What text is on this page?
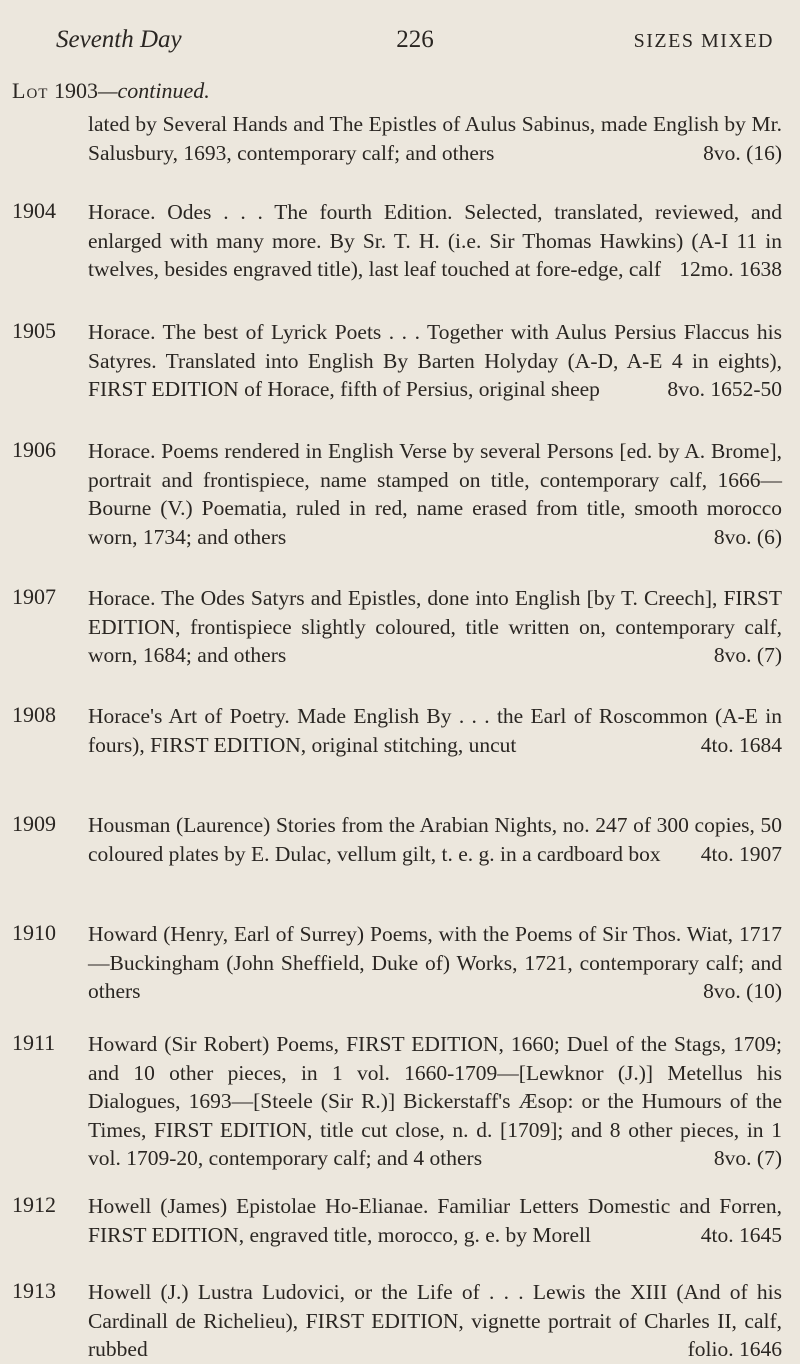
Seventh Day	226	SIZES MIXED
Lot 1903—continued.
lated by Several Hands and The Epistles of Aulus Sabinus, made English by Mr. Salusbury, 1693, contemporary calf; and others	8vo. (16)
1904 Horace. Odes . . . The fourth Edition. Selected, translated, reviewed, and enlarged with many more. By Sr. T. H. (i.e. Sir Thomas Hawkins) (A-I 11 in twelves, besides engraved title), last leaf touched at fore-edge, calf 12mo. 1638
1905 Horace. The best of Lyrick Poets . . . Together with Aulus Persius Flaccus his Satyres. Translated into English By Barten Holyday (A-D, A-E 4 in eights), FIRST EDITION of Horace, fifth of Persius, original sheep	8vo. 1652-50
1906 Horace. Poems rendered in English Verse by several Persons [ed. by A. Brome], portrait and frontispiece, name stamped on title, contemporary calf, 1666—Bourne (V.) Poematia, ruled in red, name erased from title, smooth morocco worn, 1734; and others	8vo. (6)
1907 Horace. The Odes Satyrs and Epistles, done into English [by T. Creech], FIRST EDITION, frontispiece slightly coloured, title written on, contemporary calf, worn, 1684; and others	8vo. (7)
1908 Horace's Art of Poetry. Made English By . . . the Earl of Roscommon (A-E in fours), FIRST EDITION, original stitching, uncut	4to. 1684
1909 Housman (Laurence) Stories from the Arabian Nights, no. 247 of 300 copies, 50 coloured plates by E. Dulac, vellum gilt, t. e. g. in a cardboard box 4to. 1907
1910 Howard (Henry, Earl of Surrey) Poems, with the Poems of Sir Thos. Wiat, 1717—Buckingham (John Sheffield, Duke of) Works, 1721, contemporary calf; and others	8vo. (10)
1911 Howard (Sir Robert) Poems, FIRST EDITION, 1660; Duel of the Stags, 1709; and 10 other pieces, in 1 vol. 1660-1709—[Lewknor (J.)] Metellus his Dialogues, 1693—[Steele (Sir R.)] Bickerstaff's Æsop: or the Humours of the Times, FIRST EDITION, title cut close, n. d. [1709]; and 8 other pieces, in 1 vol. 1709-20, contemporary calf; and 4 others	8vo. (7)
1912 Howell (James) Epistolae Ho-Elianae. Familiar Letters Domestic and Forren, FIRST EDITION, engraved title, morocco, g. e. by Morell	4to. 1645
1913 Howell (J.) Lustra Ludovici, or the Life of . . . Lewis the XIII (And of his Cardinall de Richelieu), FIRST EDITION, vignette portrait of Charles II, calf, rubbed	folio. 1646
